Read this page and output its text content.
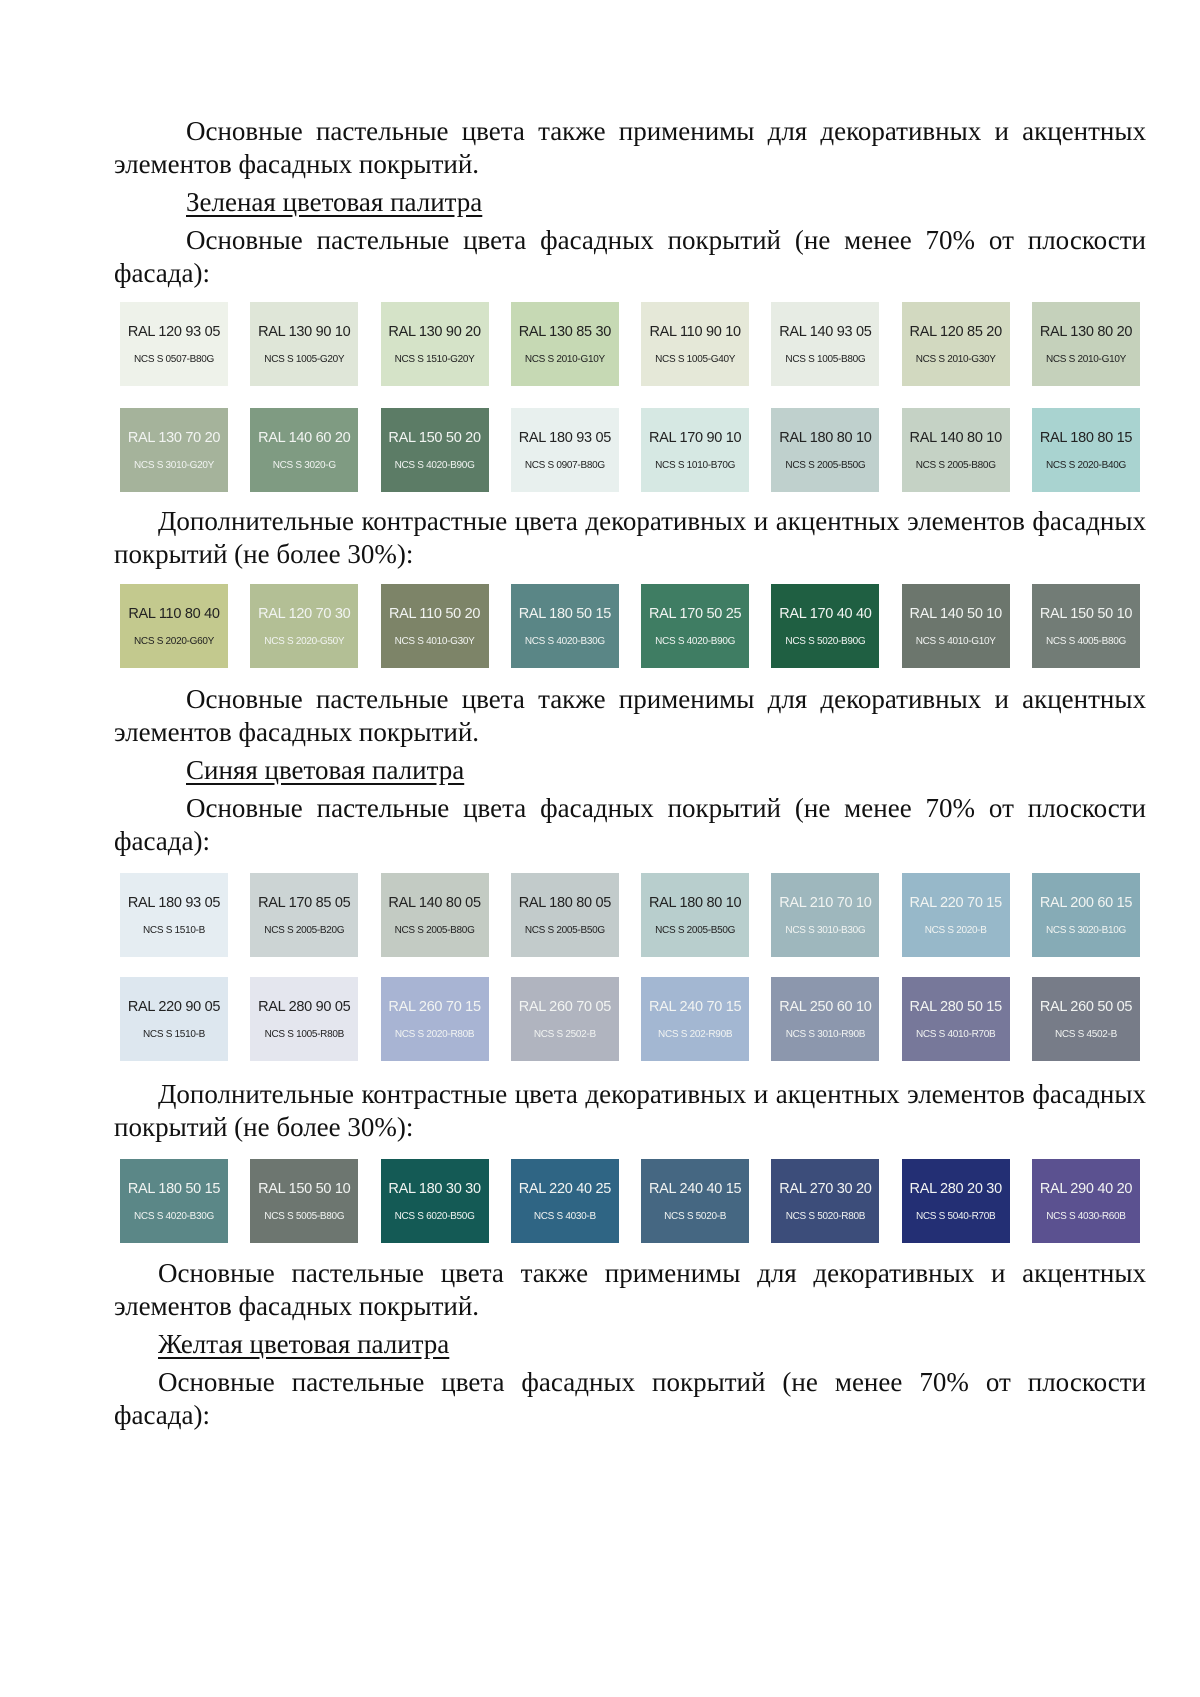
Основные пастельные цвета также применимы для декоративных и акцентных элементов фасадных покрытий.

Зеленая цветовая палитра

Основные пастельные цвета фасадных покрытий (не менее 70% от плоскости фасада):

RAL 120 93 05
NCS S 0507-B80G
RAL 130 90 10
NCS S 1005-G20Y
RAL 130 90 20
NCS S 1510-G20Y
RAL 130 85 30
NCS S 2010-G10Y
RAL 110 90 10
NCS S 1005-G40Y
RAL 140 93 05
NCS S 1005-B80G
RAL 120 85 20
NCS S 2010-G30Y
RAL 130 80 20
NCS S 2010-G10Y
RAL 130 70 20
NCS S 3010-G20Y
RAL 140 60 20
NCS S 3020-G
RAL 150 50 20
NCS S 4020-B90G
RAL 180 93 05
NCS S 0907-B80G
RAL 170 90 10
NCS S 1010-B70G
RAL 180 80 10
NCS S 2005-B50G
RAL 140 80 10
NCS S 2005-B80G
RAL 180 80 15
NCS S 2020-B40G

Дополнительные контрастные цвета декоративных и акцентных элементов фасадных покрытий (не более 30%):

RAL 110 80 40
NCS S 2020-G60Y
RAL 120 70 30
NCS S 2020-G50Y
RAL 110 50 20
NCS S 4010-G30Y
RAL 180 50 15
NCS S 4020-B30G
RAL 170 50 25
NCS S 4020-B90G
RAL 170 40 40
NCS S 5020-B90G
RAL 140 50 10
NCS S 4010-G10Y
RAL 150 50 10
NCS S 4005-B80G

Основные пастельные цвета также применимы для декоративных и акцентных элементов фасадных покрытий.

Синяя цветовая палитра

Основные пастельные цвета фасадных покрытий (не менее 70% от плоскости фасада):

RAL 180 93 05
NCS S 1510-B
RAL 170 85 05
NCS S 2005-B20G
RAL 140 80 05
NCS S 2005-B80G
RAL 180 80 05
NCS S 2005-B50G
RAL 180 80 10
NCS S 2005-B50G
RAL 210 70 10
NCS S 3010-B30G
RAL 220 70 15
NCS S 2020-B
RAL 200 60 15
NCS S 3020-B10G
RAL 220 90 05
NCS S 1510-B
RAL 280 90 05
NCS S 1005-R80B
RAL 260 70 15
NCS S 2020-R80B
RAL 260 70 05
NCS S 2502-B
RAL 240 70 15
NCS S 202-R90B
RAL 250 60 10
NCS S 3010-R90B
RAL 280 50 15
NCS S 4010-R70B
RAL 260 50 05
NCS S 4502-B

Дополнительные контрастные цвета декоративных и акцентных элементов фасадных покрытий (не более 30%):

RAL 180 50 15
NCS S 4020-B30G
RAL 150 50 10
NCS S 5005-B80G
RAL 180 30 30
NCS S 6020-B50G
RAL 220 40 25
NCS S 4030-B
RAL 240 40 15
NCS S 5020-B
RAL 270 30 20
NCS S 5020-R80B
RAL 280 20 30
NCS S 5040-R70B
RAL 290 40 20
NCS S 4030-R60B

Основные пастельные цвета также применимы для декоративных и акцентных элементов фасадных покрытий.

Желтая цветовая палитра

Основные пастельные цвета фасадных покрытий (не менее 70% от плоскости фасада):
